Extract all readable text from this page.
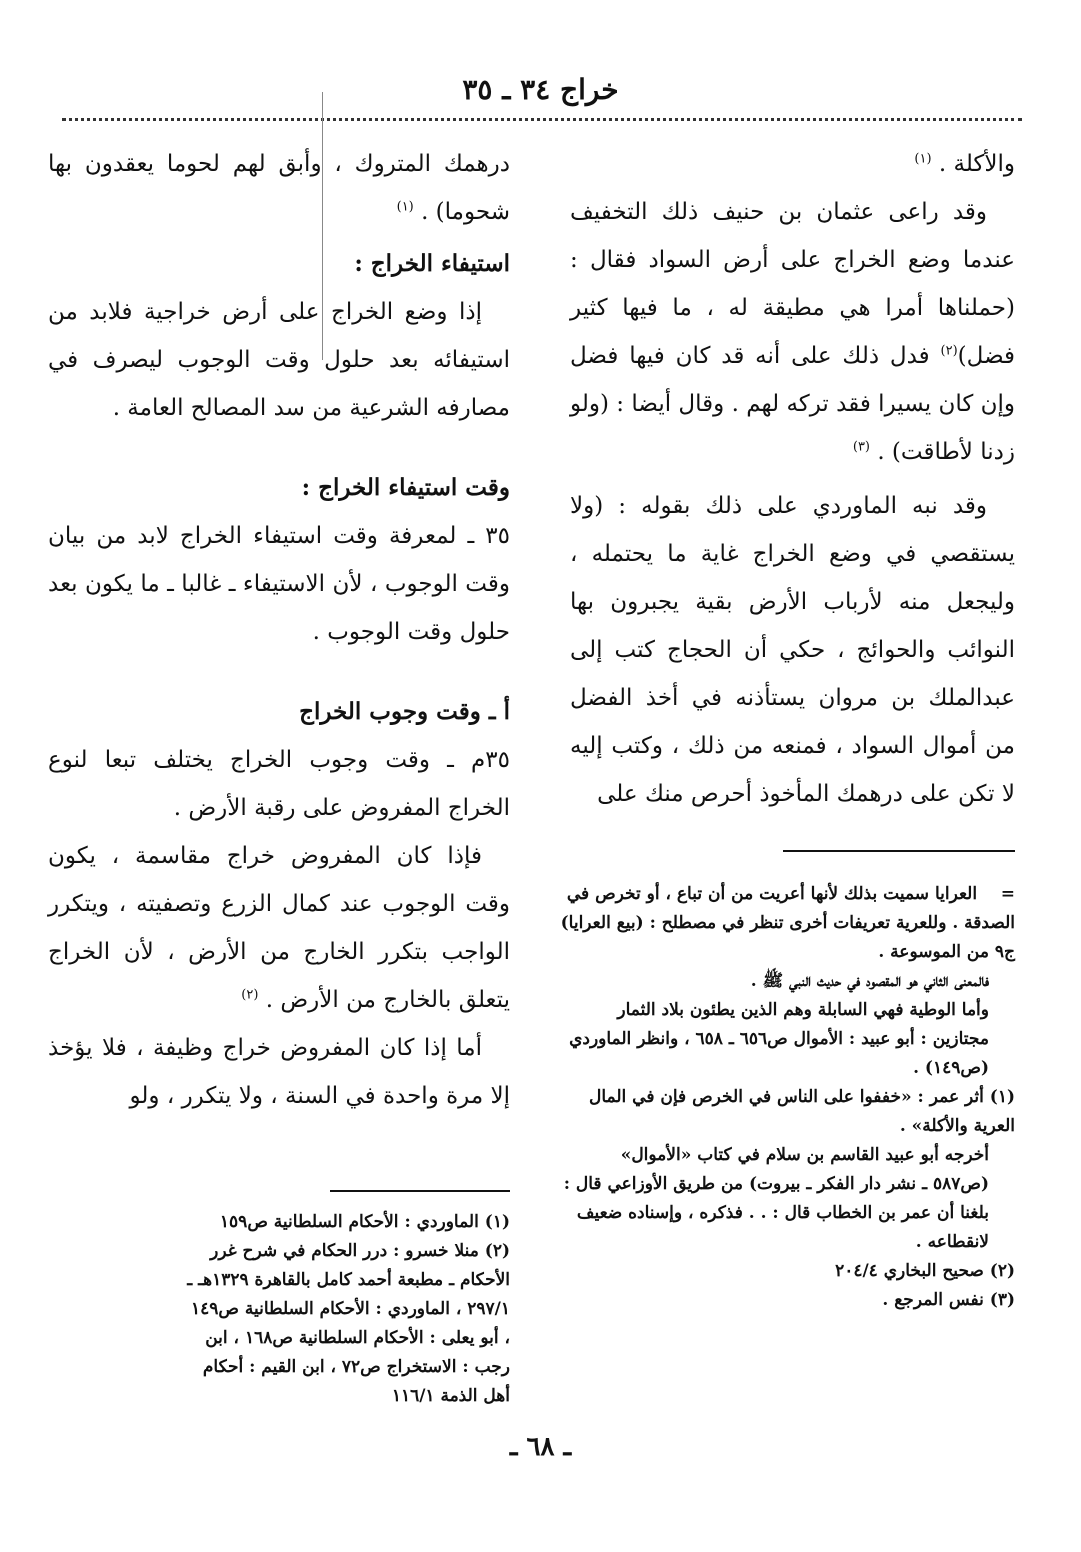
خراج ٣٤ ـ ٣٥

والأكلة . $^{(١)}$

وقد راعى عثمان بن حنيف ذلك التخفيف عندما وضع الخراج على أرض السواد فقال : (حملناها أمرا هي مطيقة له ، ما فيها كثير فضل)$^{(٢)}$ فدل ذلك على أنه قد كان فيها فضل وإن كان يسيرا فقد تركه لهم . وقال أيضا : (ولو زدنا لأطاقت) . $^{(٣)}$

وقد نبه الماوردي على ذلك بقوله : (ولا يستقصي في وضع الخراج غاية ما يحتمله ، وليجعل منه لأرباب الأرض بقية يجبرون بها النوائب والحوائج ، حكي أن الحجاج كتب إلى عبدالملك بن مروان يستأذنه في أخذ الفضل من أموال السواد ، فمنعه من ذلك ، وكتب إليه لا تكن على درهمك المأخوذ أحرص منك على

درهمك المتروك ، وأبق لهم لحوما يعقدون بها شحوما) . $^{(١)}$

استيفاء الخراج :

إذا وضع الخراج على أرض خراجية فلابد من استيفائه بعد حلول وقت الوجوب ليصرف في مصارفه الشرعية من سد المصالح العامة .

وقت استيفاء الخراج :

٣٥ ـ لمعرفة وقت استيفاء الخراج لابد من بيان وقت الوجوب ، لأن الاستيفاء ـ غالبا ـ ما يكون بعد حلول وقت الوجوب .

أ ـ وقت وجوب الخراج

٣٥م ـ وقت وجوب الخراج يختلف تبعا لنوع الخراج المفروض على رقبة الأرض .

فإذا كان المفروض خراج مقاسمة ، يكون وقت الوجوب عند كمال الزرع وتصفيته ، ويتكرر الواجب بتكرر الخارج من الأرض ، لأن الخراج يتعلق بالخارج من الأرض . $^{(٢)}$

أما إذا كان المفروض خراج وظيفة ، فلا يؤخذ إلا مرة واحدة في السنة ، ولا يتكرر ، ولو

=    العرايا سميت بذلك لأنها أعريت من أن تباع ، أو تخرص في الصدقة . وللعرية تعريفات أخرى تنظر في مصطلح : (بيع العرايا) ج٩ من الموسوعة .

فالمعنى الثاني هو المقصود في حديث النبي ﷺ .

وأما الوطية فهي السابلة وهم الذين يطئون بلاد الثمار مجتازين : أبو عبيد : الأموال ص٦٥٦ ـ ٦٥٨ ، وانظر الماوردي (ص١٤٩) .

(١) أثر عمر : «خففوا على الناس في الخرص فإن في المال العرية والأكلة» .

أخرجه أبو عبيد القاسم بن سلام في كتاب «الأموال» (ص٥٨٧ ـ نشر دار الفكر ـ بيروت) من طريق الأوزاعي قال : بلغنا أن عمر بن الخطاب قال : . . فذكره ، وإسناده ضعيف لانقطاعه .

(٢) صحيح البخاري ٢٠٤/٤

(٣) نفس المرجع .

(١) الماوردي : الأحكام السلطانية ص١٥٩

(٢) منلا خسرو : درر الحكام في شرح غرر الأحكام ـ مطبعة أحمد كامل بالقاهرة ١٣٢٩هـ ـ ٢٩٧/١ ، الماوردي : الأحكام السلطانية ص١٤٩ ، أبو يعلى : الأحكام السلطانية ص١٦٨ ، ابن رجب : الاستخراج ص٧٢ ، ابن القيم : أحكام أهل الذمة ١١٦/١

ـ ٦٨ ـ
